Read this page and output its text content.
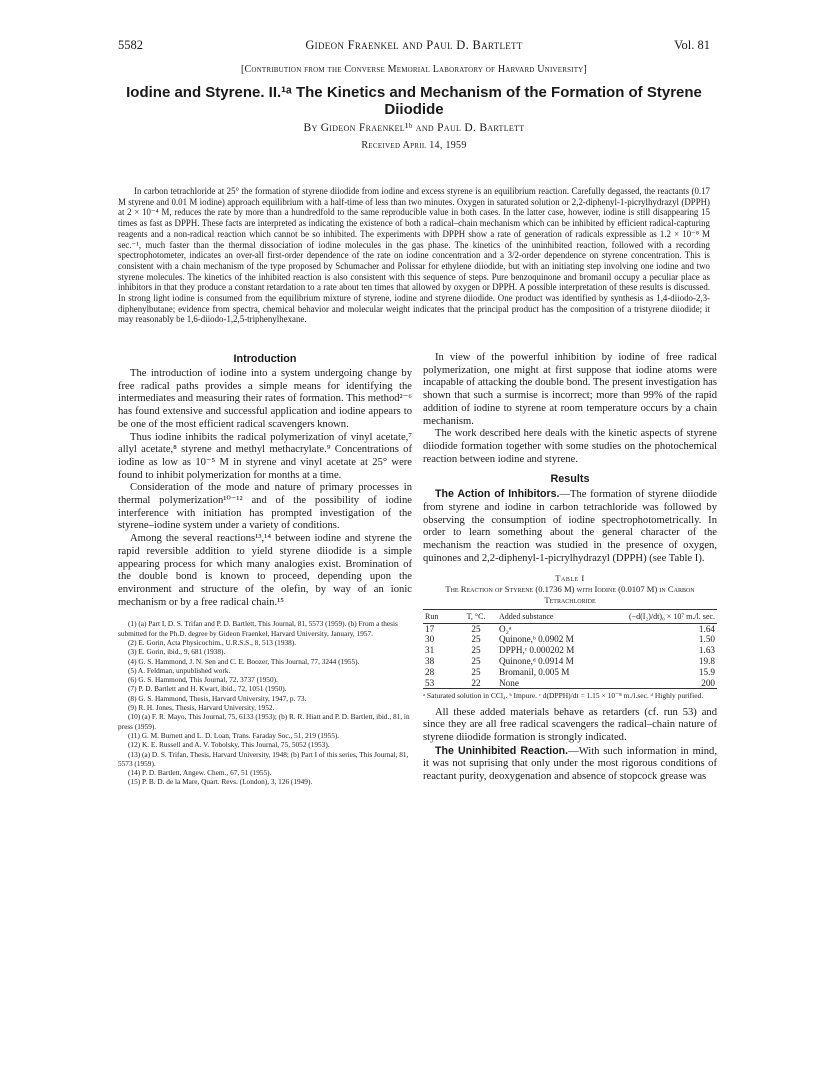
5582	Gideon Fraenkel and Paul D. Bartlett	Vol. 81
[Contribution from the Converse Memorial Laboratory of Harvard University]
Iodine and Styrene. II.¹ᵃ The Kinetics and Mechanism of the Formation of Styrene
Diiodide
By Gideon Fraenkel¹ᵇ and Paul D. Bartlett
Received April 14, 1959
In carbon tetrachloride at 25° the formation of styrene diiodide from iodine and excess styrene is an equilibrium reaction. Carefully degassed, the reactants (0.17 M styrene and 0.01 M iodine) approach equilibrium with a half-time of less than two minutes. Oxygen in saturated solution or 2,2-diphenyl-1-picrylhydrazyl (DPPH) at 2 × 10⁻⁴ M, reduces the rate by more than a hundredfold to the same reproducible value in both cases. In the latter case, however, iodine is still disappearing 15 times as fast as DPPH. These facts are interpreted as indicating the existence of both a radical–chain mechanism which can be inhibited by efficient radical-capturing reagents and a non-radical reaction which cannot be so inhibited. The experiments with DPPH show a rate of generation of radicals expressible as 1.2 × 10⁻⁸ M sec.⁻¹, much faster than the thermal dissociation of iodine molecules in the gas phase. The kinetics of the uninhibited reaction, followed with a recording spectrophotometer, indicates an over-all first-order dependence of the rate on iodine concentration and a 3/2-order dependence on styrene concentration. This is consistent with a chain mechanism of the type proposed by Schumacher and Polissar for ethylene diiodide, but with an initiating step involving one iodine and two styrene molecules. The kinetics of the inhibited reaction is also consistent with this sequence of steps. Pure benzoquinone and bromanil occupy a peculiar place as inhibitors in that they produce a constant retardation to a rate about ten times that allowed by oxygen or DPPH. A possible interpretation of these results is discussed. In strong light iodine is consumed from the equilibrium mixture of styrene, iodine and styrene diiodide. One product was identified by synthesis as 1,4-diiodo-2,3-diphenylbutane; evidence from spectra, chemical behavior and molecular weight indicates that the principal product has the composition of a tristyrene diiodide; it may reasonably be 1,6-diiodo-1,2,5-triphenylhexane.
Introduction

The introduction of iodine into a system undergoing change by free radical paths provides a simple means for identifying the intermediates and measuring their rates of formation. This method²⁻⁶ has found extensive and successful application and iodine appears to be one of the most efficient radical scavengers known.

Thus iodine inhibits the radical polymerization of vinyl acetate,⁷ allyl acetate,⁸ styrene and methyl methacrylate.⁹ Concentrations of iodine as low as 10⁻⁵ M in styrene and vinyl acetate at 25° were found to inhibit polymerization for months at a time.

Consideration of the mode and nature of primary processes in thermal polymerization¹⁰⁻¹² and of the possibility of iodine interference with initiation has prompted investigation of the styrene–iodine system under a variety of conditions.

Among the several reactions¹³,¹⁴ between iodine and styrene the rapid reversible addition to yield styrene diiodide is a simple appearing process for which many analogies exist. Bromination of the double bond is known to proceed, depending upon the environment and structure of the olefin, by way of an ionic mechanism or by a free radical chain.¹⁵

(1) (a) Part I, D. S. Trifan and P. D. Bartlett, This Journal, 81, 5573 (1959). (b) From a thesis submitted for the Ph.D. degree by Gideon Fraenkel, Harvard University, January, 1957.
(2) E. Gorin, Acta Physicochim., U.R.S.S., 8, 513 (1938).
(3) E. Gorin, ibid., 9, 681 (1938).
(4) G. S. Hammond, J. N. Sen and C. E. Boozer, This Journal, 77, 3244 (1955).
(5) A. Feldman, unpublished work.
(6) G. S. Hammond, This Journal, 72, 3737 (1950).
(7) P. D. Bartlett and H. Kwart, ibid., 72, 1051 (1950).
(8) G. S. Hammond, Thesis, Harvard University, 1947, p. 73.
(9) R. H. Jones, Thesis, Harvard University, 1952.
(10) (a) F. R. Mayo, This Journal, 75, 6133 (1953); (b) R. R. Hiatt and P. D. Bartlett, ibid., 81, in press (1959).
(11) G. M. Burnett and L. D. Loan, Trans. Faraday Soc., 51, 219 (1955).
(12) K. E. Russell and A. V. Tobolsky, This Journal, 75, 5052 (1953).
(13) (a) D. S. Trifan, Thesis, Harvard University, 1948; (b) Part I of this series, This Journal, 81, 5573 (1959).
(14) P. D. Bartlett, Angew. Chem., 67, 51 (1955).
(15) P. B. D. de la Mare, Quart. Revs. (London), 3, 126 (1949).

In view of the powerful inhibition by iodine of free radical polymerization, one might at first suppose that iodine atoms were incapable of attacking the double bond. The present investigation has shown that such a surmise is incorrect; more than 99% of the rapid addition of iodine to styrene at room temperature occurs by a chain mechanism.

The work described here deals with the kinetic aspects of styrene diiodide formation together with some studies on the photochemical reaction between iodine and styrene.

Results

The Action of Inhibitors.—The formation of styrene diiodide from styrene and iodine in carbon tetrachloride was followed by observing the consumption of iodine spectrophotometrically. In order to learn something about the general character of the mechanism the reaction was studied in the presence of oxygen, quinones and 2,2-diphenyl-1-picrylhydrazyl (DPPH) (see Table I).

Table I
The Reaction of Styrene (0.1736 M) with Iodine (0.0107 M) in Carbon Tetrachloride
Run	T, °C.	Added substance	(−d(I₂)/dt)₀ × 10⁷ m./l. sec.
17	25	O₂ᵃ	1.64
30	25	Quinone,ᵇ 0.0902 M	1.50
31	25	DPPH,ᶜ 0.000202 M	1.63
38	25	Quinone,ᵈ 0.0914 M	19.8
28	25	Bromanil, 0.005 M	15.9
53	22	None	200
ᵃ Saturated solution in CCl₄. ᵇ Impure. ᶜ d(DPPH)/dt = 1.15 × 10⁻⁸ m./l.sec. ᵈ Highly purified.

All these added materials behave as retarders (cf. run 53) and since they are all free radical scavengers the radical–chain nature of styrene diiodide formation is strongly indicated.

The Uninhibited Reaction.—With such information in mind, it was not suprising that only under the most rigorous conditions of reactant purity, deoxygenation and absence of stopcock grease was
